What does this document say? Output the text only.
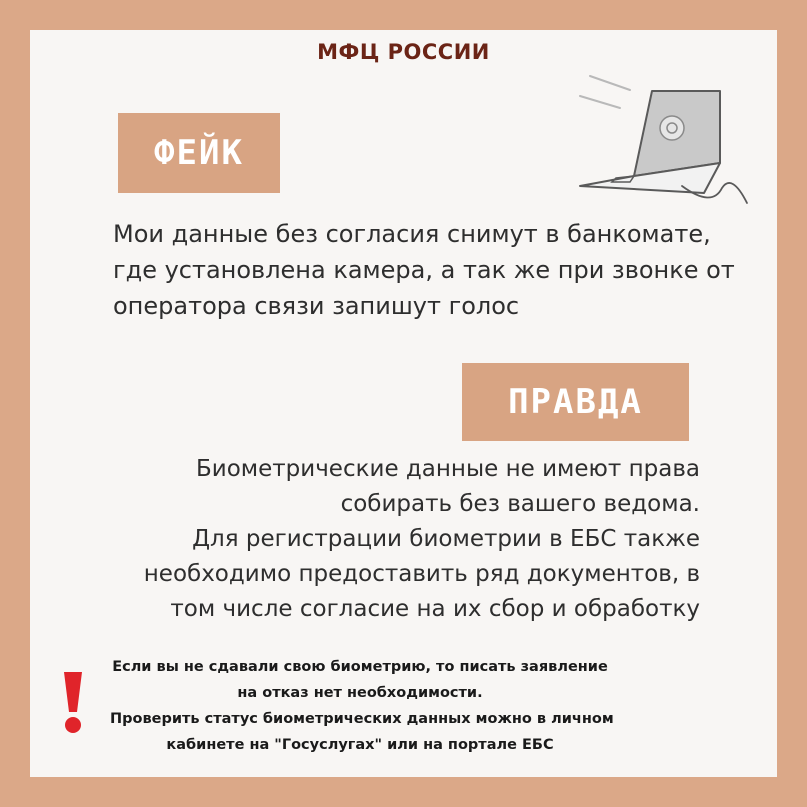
МФЦ РОССИИ
ФЕЙК
Мои данные без согласия снимут в банкомате,
где установлена камера, а так же при звонке от
оператора связи запишут голос
ПРАВДА
Биометрические данные не имеют права
собирать без вашего ведома.
Для регистрации биометрии в ЕБС также
необходимо предоставить ряд документов, в
том числе согласие на их сбор и обработку
Если вы не сдавали свою биометрию, то писать заявление
на отказ нет необходимости.
Проверить статус биометрических данных можно в личном
кабинете на "Госуслугах" или на портале ЕБС
